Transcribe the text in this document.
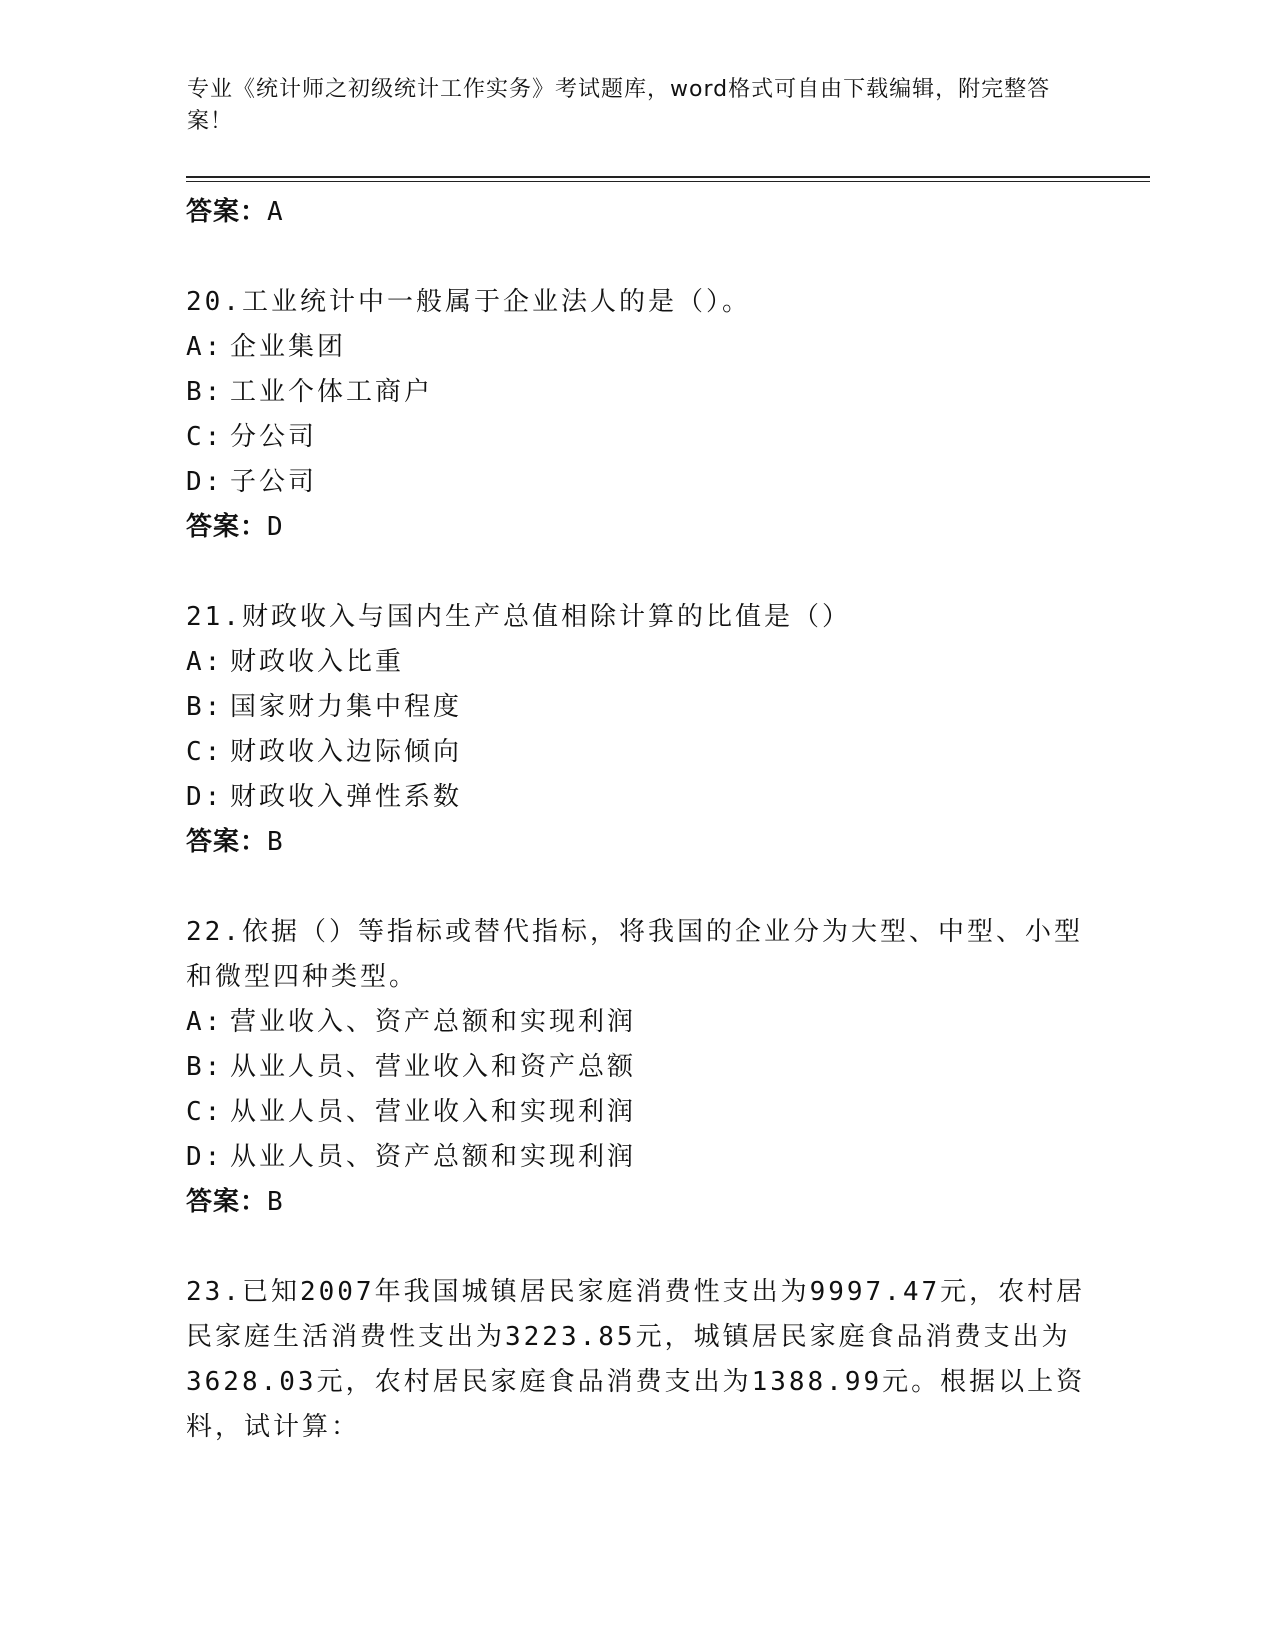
专业《统计师之初级统计工作实务》考试题库，word格式可自由下载编辑，附完整答案！
答案：A
20.工业统计中一般属于企业法人的是（）。
A: 企业集团
B: 工业个体工商户
C: 分公司
D: 子公司
答案：D
21.财政收入与国内生产总值相除计算的比值是（）
A: 财政收入比重
B: 国家财力集中程度
C: 财政收入边际倾向
D: 财政收入弹性系数
答案：B
22.依据（）等指标或替代指标，将我国的企业分为大型、中型、小型和微型四种类型。
A: 营业收入、资产总额和实现利润
B: 从业人员、营业收入和资产总额
C: 从业人员、营业收入和实现利润
D: 从业人员、资产总额和实现利润
答案：B
23.已知2007年我国城镇居民家庭消费性支出为9997.47元，农村居民家庭生活消费性支出为3223.85元，城镇居民家庭食品消费支出为3628.03元，农村居民家庭食品消费支出为1388.99元。根据以上资料，试计算：
